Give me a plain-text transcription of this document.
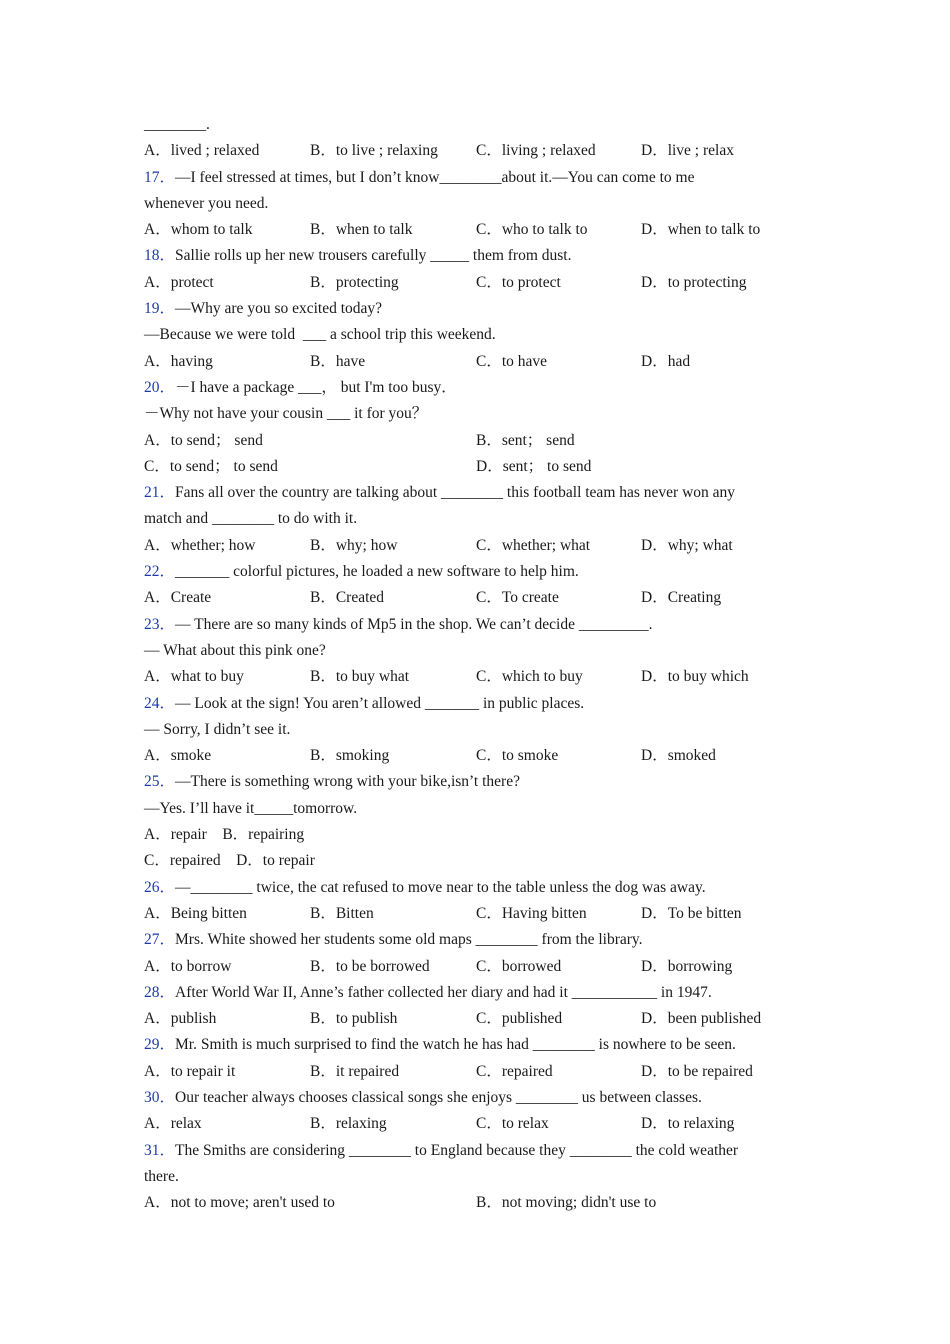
________.
A．lived ; relaxed	B．to live ; relaxing C．living ; relaxed	D．live ; relax
17．—I feel stressed at times, but I don’t know________about it.—You can come to me
whenever you need.
A．whom to talk	B．when to talk	C．who to talk to	D．when to talk to
18．Sallie rolls up her new trousers carefully _____ them from dust.
A．protect	B．protecting	C．to protect	D．to protecting
19．—Why are you so excited today?
—Because we were told  ___ a school trip this weekend.
A．having	B．have	C．to have	D．had
20．－I have a package ___， but I'm too busy．
－Why not have your cousin ___ it for you？
A．to send； send	B．sent； send
C．to send； to send	D．sent； to send
21．Fans all over the country are talking about ________ this football team has never won any
match and ________ to do with it.
A．whether; how	B．why; how	C．whether; what	D．why; what
22．_______ colorful pictures, he loaded a new software to help him.
A．Create	B．Created	C．To create	D．Creating
23．— There are so many kinds of Mp5 in the shop. We can’t decide _________.
— What about this pink one?
A．what to buy	B．to buy what	C．which to buy	D．to buy which
24．— Look at the sign! You aren’t allowed _______ in public places.
— Sorry, I didn’t see it.
A．smoke	B．smoking	C．to smoke	D．smoked
25．—There is something wrong with your bike,isn’t there?
—Yes. I’ll have it_____tomorrow.
A．repair　B．repairing
C．repaired　D．to repair
26．—________ twice, the cat refused to move near to the table unless the dog was away.
A．Being bitten	B．Bitten	C．Having bitten	D．To be bitten
27．Mrs. White showed her students some old maps ________ from the library.
A．to borrow	B．to be borrowed	C．borrowed	D．borrowing
28．After World War II, Anne’s father collected her diary and had it ___________ in 1947.
A．publish	B．to publish	C．published	D．been published
29．Mr. Smith is much surprised to find the watch he has had ________ is nowhere to be seen.
A．to repair it	B．it repaired	C．repaired	D．to be repaired
30．Our teacher always chooses classical songs she enjoys ________ us between classes.
A．relax	B．relaxing	C．to relax	D．to relaxing
31．The Smiths are considering ________ to England because they ________ the cold weather
there.
A．not to move; aren't used to	B．not moving; didn't use to
